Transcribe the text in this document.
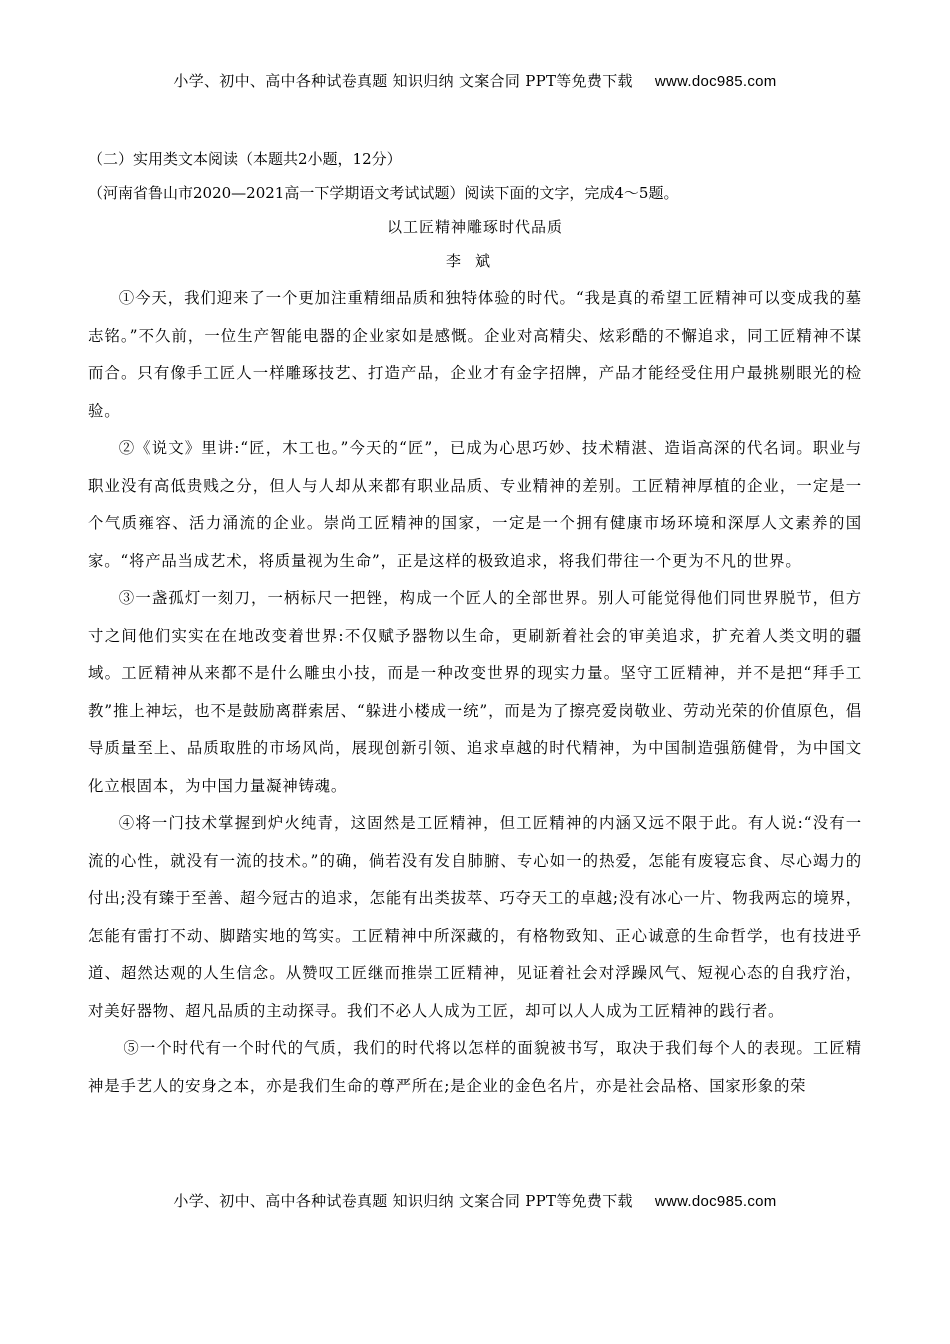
小学、初中、高中各种试卷真题 知识归纳 文案合同 PPT等免费下载 www.doc985.com
（二）实用类文本阅读（本题共2小题，12分）
（河南省鲁山市2020—2021高一下学期语文考试试题）阅读下面的文字，完成4～5题。
以工匠精神雕琢时代品质
李斌

①今天，我们迎来了一个更加注重精细品质和独特体验的时代。“我是真的希望工匠精神可以变成我的墓志铭。”不久前，一位生产智能电器的企业家如是感慨。企业对高精尖、炫彩酷的不懈追求，同工匠精神不谋而合。只有像手工匠人一样雕琢技艺、打造产品，企业才有金字招牌，产品才能经受住用户最挑剔眼光的检验。

②《说文》里讲:“匠，木工也。”今天的“匠”，已成为心思巧妙、技术精湛、造诣高深的代名词。职业与职业没有高低贵贱之分，但人与人却从来都有职业品质、专业精神的差别。工匠精神厚植的企业，一定是一个气质雍容、活力涌流的企业。崇尚工匠精神的国家，一定是一个拥有健康市场环境和深厚人文素养的国家。“将产品当成艺术，将质量视为生命”，正是这样的极致追求，将我们带往一个更为不凡的世界。

③一盏孤灯一刻刀，一柄标尺一把锉，构成一个匠人的全部世界。别人可能觉得他们同世界脱节，但方寸之间他们实实在在地改变着世界:不仅赋予器物以生命，更刷新着社会的审美追求，扩充着人类文明的疆域。工匠精神从来都不是什么雕虫小技，而是一种改变世界的现实力量。坚守工匠精神，并不是把“拜手工教”推上神坛，也不是鼓励离群索居、“躲进小楼成一统”，而是为了擦亮爱岗敬业、劳动光荣的价值原色，倡导质量至上、品质取胜的市场风尚，展现创新引领、追求卓越的时代精神，为中国制造强筋健骨，为中国文化立根固本，为中国力量凝神铸魂。

④将一门技术掌握到炉火纯青，这固然是工匠精神，但工匠精神的内涵又远不限于此。有人说:“没有一流的心性，就没有一流的技术。”的确，倘若没有发自肺腑、专心如一的热爱，怎能有废寝忘食、尽心竭力的付出;没有臻于至善、超今冠古的追求，怎能有出类拔萃、巧夺天工的卓越;没有冰心一片、物我两忘的境界，怎能有雷打不动、脚踏实地的笃实。工匠精神中所深藏的，有格物致知、正心诚意的生命哲学，也有技进乎道、超然达观的人生信念。从赞叹工匠继而推崇工匠精神，见证着社会对浮躁风气、短视心态的自我疗治，对美好器物、超凡品质的主动探寻。我们不必人人成为工匠，却可以人人成为工匠精神的践行者。

⑤一个时代有一个时代的气质，我们的时代将以怎样的面貌被书写，取决于我们每个人的表现。工匠精神是手艺人的安身之本，亦是我们生命的尊严所在;是企业的金色名片，亦是社会品格、国家形象的荣

小学、初中、高中各种试卷真题 知识归纳 文案合同 PPT等免费下载 www.doc985.com
